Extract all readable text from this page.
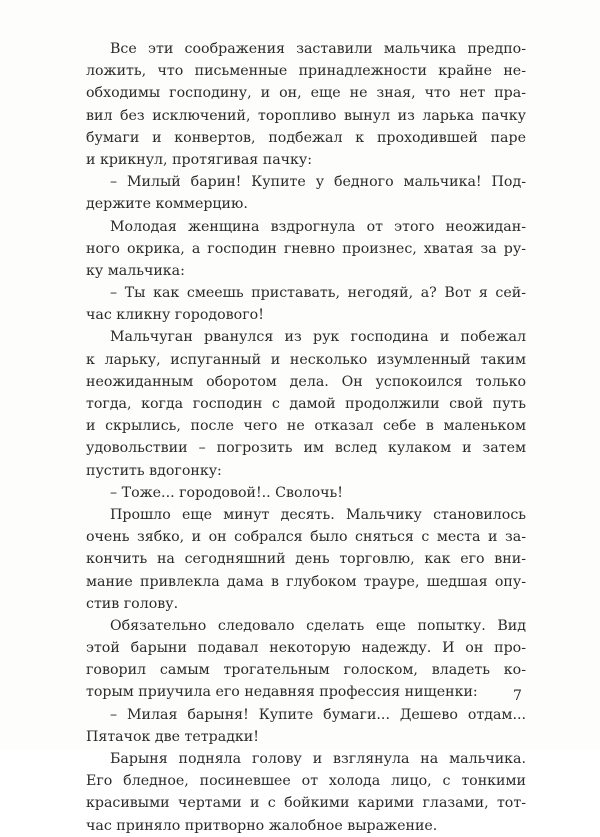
Все эти соображения заставили мальчика предпо-
ложить, что письменные принадлежности крайне не-
обходимы господину, и он, еще не зная, что нет пра-
вил без исключений, торопливо вынул из ларька пачку
бумаги и конвертов, подбежал к проходившей паре
и крикнул, протягивая пачку:
– Милый барин! Купите у бедного мальчика! Под-
держите коммерцию.
Молодая женщина вздрогнула от этого неожидан-
ного окрика, а господин гневно произнес, хватая за ру-
ку мальчика:
– Ты как смеешь приставать, негодяй, а? Вот я сей-
час кликну городового!
Мальчуган рванулся из рук господина и побежал
к ларьку, испуганный и несколько изумленный таким
неожиданным оборотом дела. Он успокоился только
тогда, когда господин с дамой продолжили свой путь
и скрылись, после чего не отказал себе в маленьком
удовольствии – погрозить им вслед кулаком и затем
пустить вдогонку:
– Тоже... городовой!.. Сволочь!
Прошло еще минут десять. Мальчику становилось
очень зябко, и он собрался было сняться с места и за-
кончить на сегодняшний день торговлю, как его вни-
мание привлекла дама в глубоком трауре, шедшая опу-
стив голову.
Обязательно следовало сделать еще попытку. Вид
этой барыни подавал некоторую надежду. И он про-
говорил самым трогательным голоском, владеть ко-
торым приучила его недавняя профессия нищенки:
– Милая барыня! Купите бумаги... Дешево отдам...
Пятачок две тетрадки!
Барыня подняла голову и взглянула на мальчика.
Его бледное, посиневшее от холода лицо, с тонкими
красивыми чертами и с бойкими карими глазами, тот-
час приняло притворно жалобное выражение.
7
